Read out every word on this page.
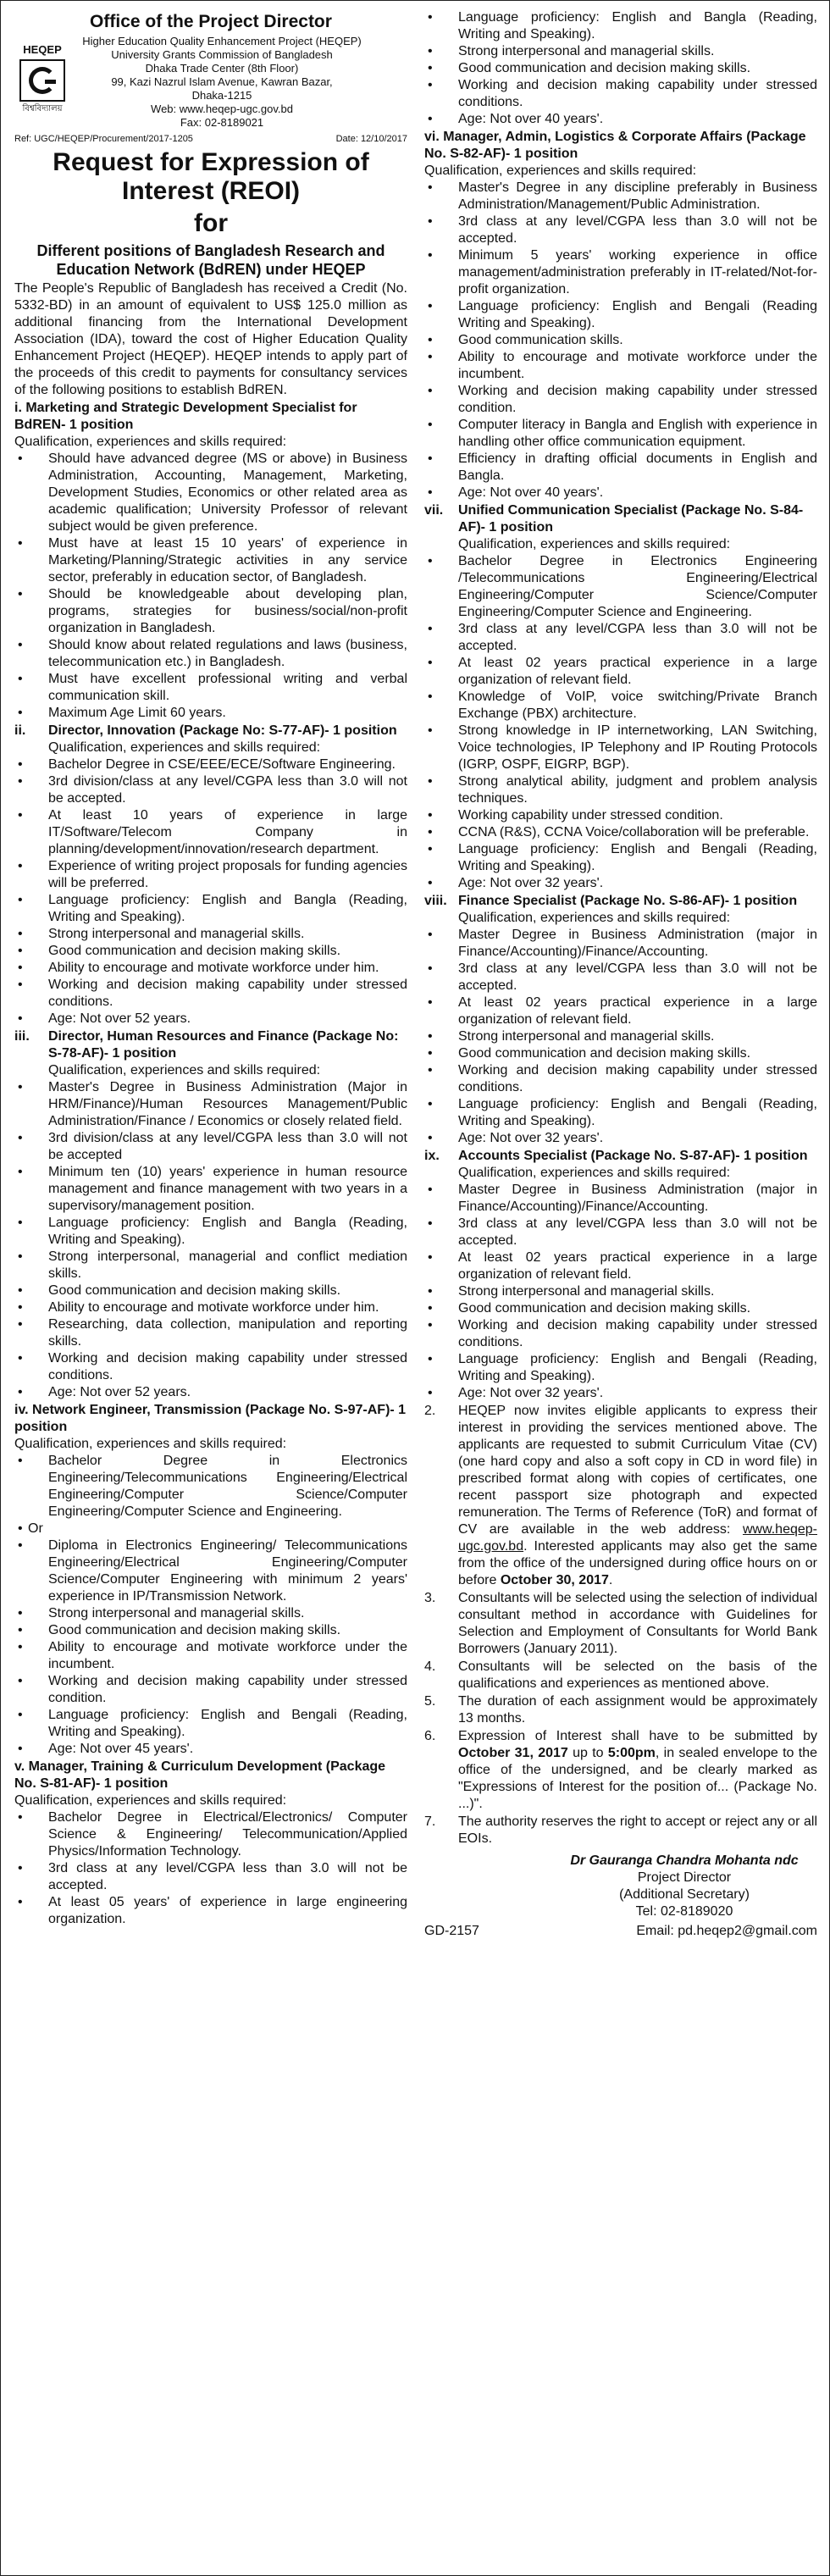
Office of the Project Director
HEQEP
বিশ্ববিদ্যালয়
Higher Education Quality Enhancement Project (HEQEP)
University Grants Commission of Bangladesh
Dhaka Trade Center (8th Floor)
99, Kazi Nazrul Islam Avenue, Kawran Bazar,
Dhaka-1215
Web: www.heqep-ugc.gov.bd
Fax: 02-8189021
Ref: UGC/HEQEP/Procurement/2017-1205	Date: 12/10/2017
Request for Expression of Interest (REOI)
for
Different positions of Bangladesh Research and Education Network (BdREN) under HEQEP
The People's Republic of Bangladesh has received a Credit (No. 5332-BD) in an amount of equivalent to US$ 125.0 million as additional financing from the International Development Association (IDA), toward the cost of Higher Education Quality Enhancement Project (HEQEP). HEQEP intends to apply part of the proceeds of this credit to payments for consultancy services of the following positions to establish BdREN.
i. Marketing and Strategic Development Specialist for BdREN- 1 position
Qualification, experiences and skills required:
• Should have advanced degree (MS or above) in Business Administration, Accounting, Management, Marketing, Development Studies, Economics or other related area as academic qualification; University Professor of relevant subject would be given preference.
• Must have at least 15 10 years' of experience in Marketing/Planning/Strategic activities in any service sector, preferably in education sector, of Bangladesh.
• Should be knowledgeable about developing plan, programs, strategies for business/social/non-profit organization in Bangladesh.
• Should know about related regulations and laws (business, telecommunication etc.) in Bangladesh.
• Must have excellent professional writing and verbal communication skill.
• Maximum Age Limit 60 years.
ii.	Director, Innovation (Package No: S-77-AF)- 1 position
Qualification, experiences and skills required:
• Bachelor Degree in CSE/EEE/ECE/Software Engineering.
• 3rd division/class at any level/CGPA less than 3.0 will not be accepted.
• At least 10 years of experience in large IT/Software/Telecom Company in planning/development/innovation/research department.
• Experience of writing project proposals for funding agencies will be preferred.
• Language proficiency: English and Bangla (Reading, Writing and Speaking).
• Strong interpersonal and managerial skills.
• Good communication and decision making skills.
• Ability to encourage and motivate workforce under him.
• Working and decision making capability under stressed conditions.
• Age: Not over 52 years.
iii.	Director, Human Resources and Finance (Package No: S-78-AF)- 1 position
Qualification, experiences and skills required:
• Master's Degree in Business Administration (Major in HRM/Finance)/Human Resources Management/Public Administration/Finance / Economics or closely related field.
• 3rd division/class at any level/CGPA less than 3.0 will not be accepted
• Minimum ten (10) years' experience in human resource management and finance management with two years in a supervisory/management position.
• Language proficiency: English and Bangla (Reading, Writing and Speaking).
• Strong interpersonal, managerial and conflict mediation skills.
• Good communication and decision making skills.
• Ability to encourage and motivate workforce under him.
• Researching, data collection, manipulation and reporting skills.
• Working and decision making capability under stressed conditions.
• Age: Not over 52 years.
iv. Network Engineer, Transmission (Package No. S-97-AF)- 1 position
Qualification, experiences and skills required:
• Bachelor Degree in Electronics Engineering/Telecommunications Engineering/Electrical Engineering/Computer Science/Computer Engineering/Computer Science and Engineering.
• Or
• Diploma in Electronics Engineering/ Telecommunications Engineering/Electrical Engineering/Computer Science/Computer Engineering with minimum 2 years' experience in IP/Transmission Network.
• Strong interpersonal and managerial skills.
• Good communication and decision making skills.
• Ability to encourage and motivate workforce under the incumbent.
• Working and decision making capability under stressed condition.
• Language proficiency: English and Bengali (Reading, Writing and Speaking).
• Age: Not over 45 years'.
v. Manager, Training & Curriculum Development (Package No. S-81-AF)- 1 position
Qualification, experiences and skills required:
• Bachelor Degree in Electrical/Electronics/ Computer Science & Engineering/ Telecommunication/Applied Physics/Information Technology.
• 3rd class at any level/CGPA less than 3.0 will not be accepted.
• At least 05 years' of experience in large engineering organization.
• Language proficiency: English and Bangla (Reading, Writing and Speaking).
• Strong interpersonal and managerial skills.
• Good communication and decision making skills.
• Working and decision making capability under stressed conditions.
• Age: Not over 40 years'.
vi. Manager, Admin, Logistics & Corporate Affairs (Package No. S-82-AF)- 1 position
Qualification, experiences and skills required:
• Master's Degree in any discipline preferably in Business Administration/Management/Public Administration.
• 3rd class at any level/CGPA less than 3.0 will not be accepted.
• Minimum 5 years' working experience in office management/administration preferably in IT-related/Not-for-profit organization.
• Language proficiency: English and Bengali (Reading Writing and Speaking).
• Good communication skills.
• Ability to encourage and motivate workforce under the incumbent.
• Working and decision making capability under stressed condition.
• Computer literacy in Bangla and English with experience in handling other office communication equipment.
• Efficiency in drafting official documents in English and Bangla.
• Age: Not over 40 years'.
vii.	Unified Communication Specialist (Package No. S-84-AF)- 1 position
Qualification, experiences and skills required:
• Bachelor Degree in Electronics Engineering /Telecommunications Engineering/Electrical Engineering/Computer Science/Computer Engineering/Computer Science and Engineering.
• 3rd class at any level/CGPA less than 3.0 will not be accepted.
• At least 02 years practical experience in a large organization of relevant field.
• Knowledge of VoIP, voice switching/Private Branch Exchange (PBX) architecture.
• Strong knowledge in IP internetworking, LAN Switching, Voice technologies, IP Telephony and IP Routing Protocols (IGRP, OSPF, EIGRP, BGP).
• Strong analytical ability, judgment and problem analysis techniques.
• Working capability under stressed condition.
• CCNA (R&S), CCNA Voice/collaboration will be preferable.
• Language proficiency: English and Bengali (Reading, Writing and Speaking).
• Age: Not over 32 years'.
viii. Finance Specialist (Package No. S-86-AF)- 1 position
Qualification, experiences and skills required:
• Master Degree in Business Administration (major in Finance/Accounting)/Finance/Accounting.
• 3rd class at any level/CGPA less than 3.0 will not be accepted.
• At least 02 years practical experience in a large organization of relevant field.
• Strong interpersonal and managerial skills.
• Good communication and decision making skills.
• Working and decision making capability under stressed conditions.
• Language proficiency: English and Bengali (Reading, Writing and Speaking).
• Age: Not over 32 years'.
ix.	Accounts Specialist (Package No. S-87-AF)- 1 position
Qualification, experiences and skills required:
• Master Degree in Business Administration (major in Finance/Accounting)/Finance/Accounting.
• 3rd class at any level/CGPA less than 3.0 will not be accepted.
• At least 02 years practical experience in a large organization of relevant field.
• Strong interpersonal and managerial skills.
• Good communication and decision making skills.
• Working and decision making capability under stressed conditions.
• Language proficiency: English and Bengali (Reading, Writing and Speaking).
• Age: Not over 32 years'.
2. HEQEP now invites eligible applicants to express their interest in providing the services mentioned above. The applicants are requested to submit Curriculum Vitae (CV) (one hard copy and also a soft copy in CD in word file) in prescribed format along with copies of certificates, one recent passport size photograph and expected remuneration. The Terms of Reference (ToR) and format of CV are available in the web address: www.heqep-ugc.gov.bd. Interested applicants may also get the same from the office of the undersigned during office hours on or before October 30, 2017.
3. Consultants will be selected using the selection of individual consultant method in accordance with Guidelines for Selection and Employment of Consultants for World Bank Borrowers (January 2011).
4. Consultants will be selected on the basis of the qualifications and experiences as mentioned above.
5. The duration of each assignment would be approximately 13 months.
6. Expression of Interest shall have to be submitted by October 31, 2017 up to 5:00pm, in sealed envelope to the office of the undersigned, and be clearly marked as "Expressions of Interest for the position of... (Package No. ...)".
7. The authority reserves the right to accept or reject any or all EOIs.
Dr Gauranga Chandra Mohanta ndc
Project Director
(Additional Secretary)
Tel: 02-8189020
GD-2157	Email: pd.heqep2@gmail.com
